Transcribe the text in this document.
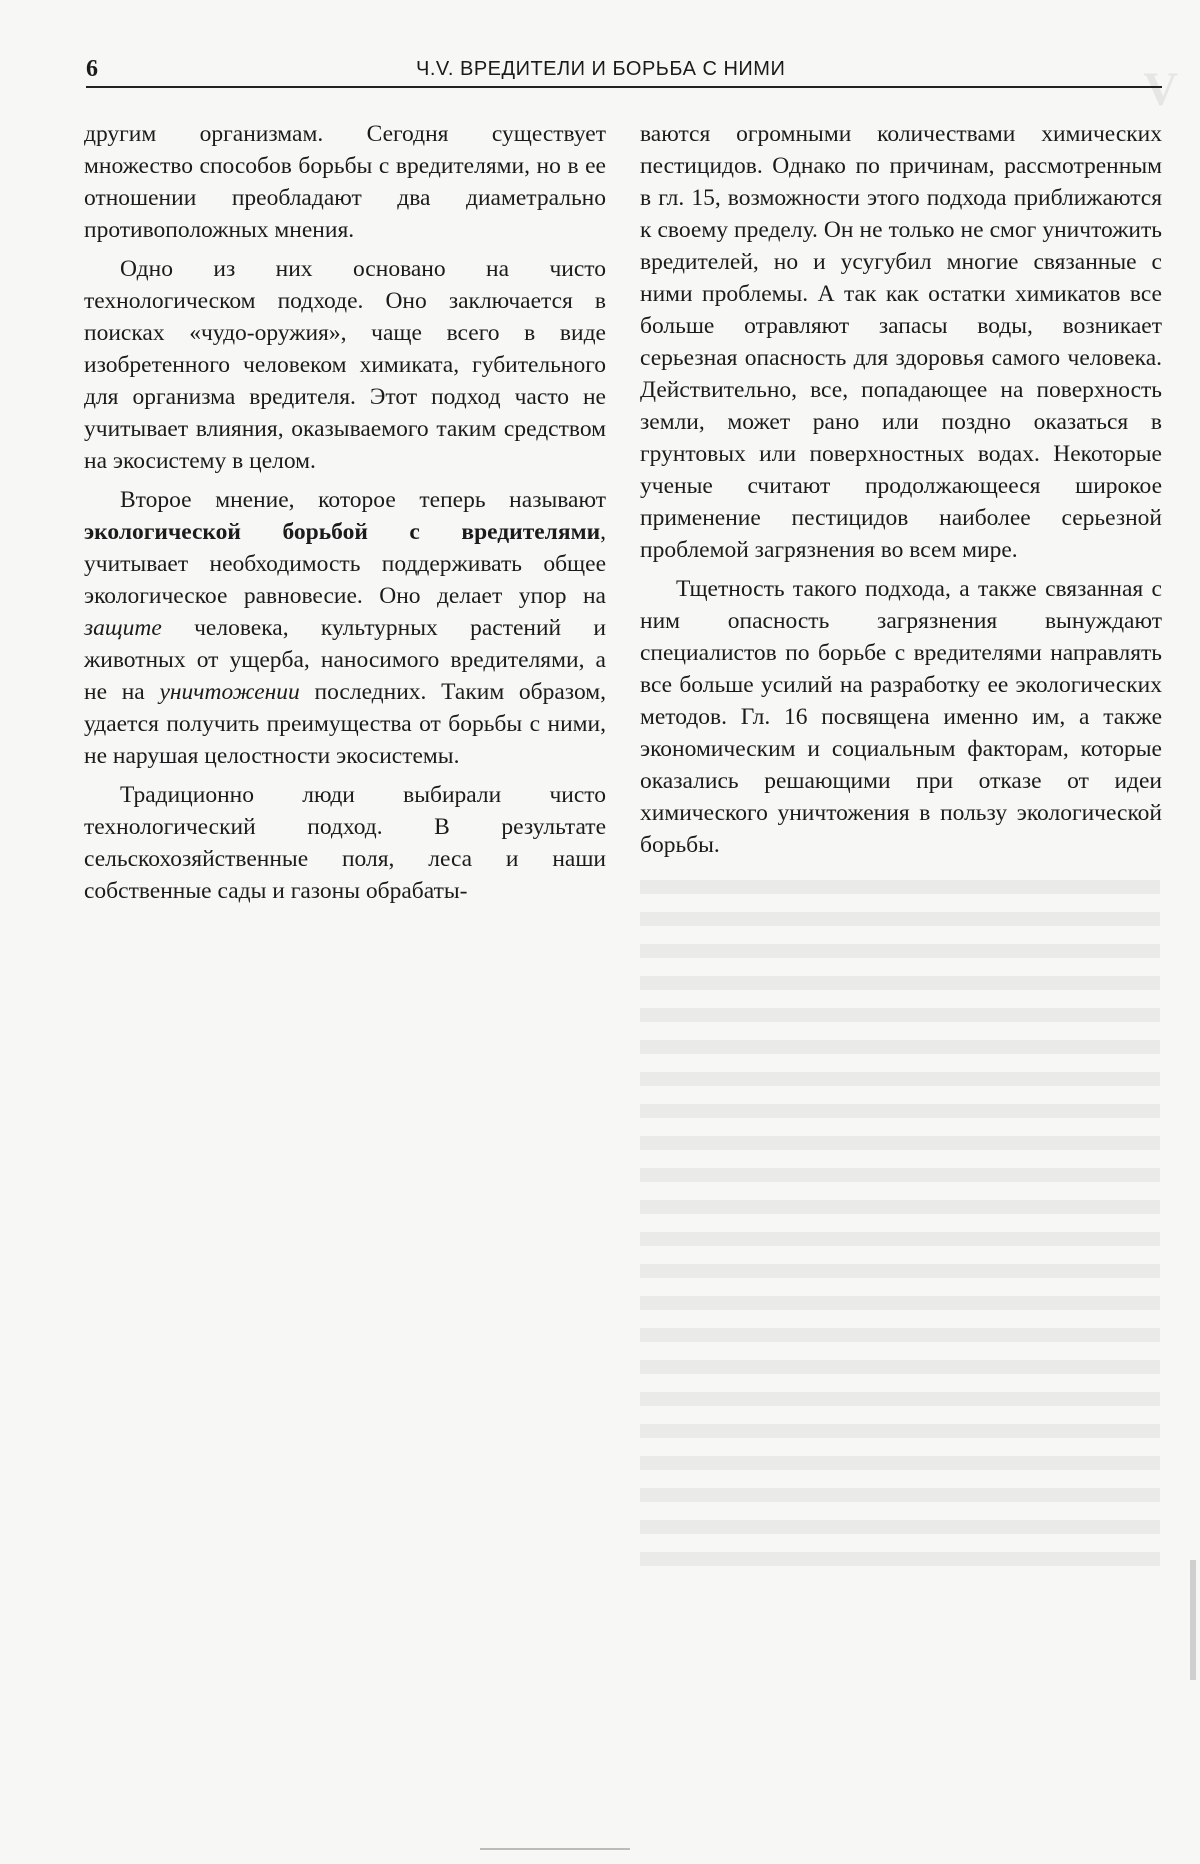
V
6	Ч.V. ВРЕДИТЕЛИ И БОРЬБА С НИМИ

другим организмам. Сегодня существует множество способов борьбы с вредителями, но в ее отношении преобладают два диаметрально противоположных мнения.

Одно из них основано на чисто технологическом подходе. Оно заключается в поисках «чудо-оружия», чаще всего в виде изобретенного человеком химиката, губительного для организма вредителя. Этот подход часто не учитывает влияния, оказываемого таким средством на экосистему в целом.

Второе мнение, которое теперь называют экологической борьбой с вредителями, учитывает необходимость поддерживать общее экологическое равновесие. Оно делает упор на защите человека, культурных растений и животных от ущерба, наносимого вредителями, а не на уничтожении последних. Таким образом, удается получить преимущества от борьбы с ними, не нарушая целостности экосистемы.

Традиционно люди выбирали чисто технологический подход. В результате сельскохозяйственные поля, леса и наши собственные сады и газоны обрабаты-

ваются огромными количествами химических пестицидов. Однако по причинам, рассмотренным в гл. 15, возможности этого подхода приближаются к своему пределу. Он не только не смог уничтожить вредителей, но и усугубил многие связанные с ними проблемы. А так как остатки химикатов все больше отравляют запасы воды, возникает серьезная опасность для здоровья самого человека. Действительно, все, попадающее на поверхность земли, может рано или поздно оказаться в грунтовых или поверхностных водах. Некоторые ученые считают продолжающееся широкое применение пестицидов наиболее серьезной проблемой загрязнения во всем мире.

Тщетность такого подхода, а также связанная с ним опасность загрязнения вынуждают специалистов по борьбе с вредителями направлять все больше усилий на разработку ее экологических методов. Гл. 16 посвящена именно им, а также экономическим и социальным факторам, которые оказались решающими при отказе от идеи химического уничтожения в пользу экологической борьбы.
